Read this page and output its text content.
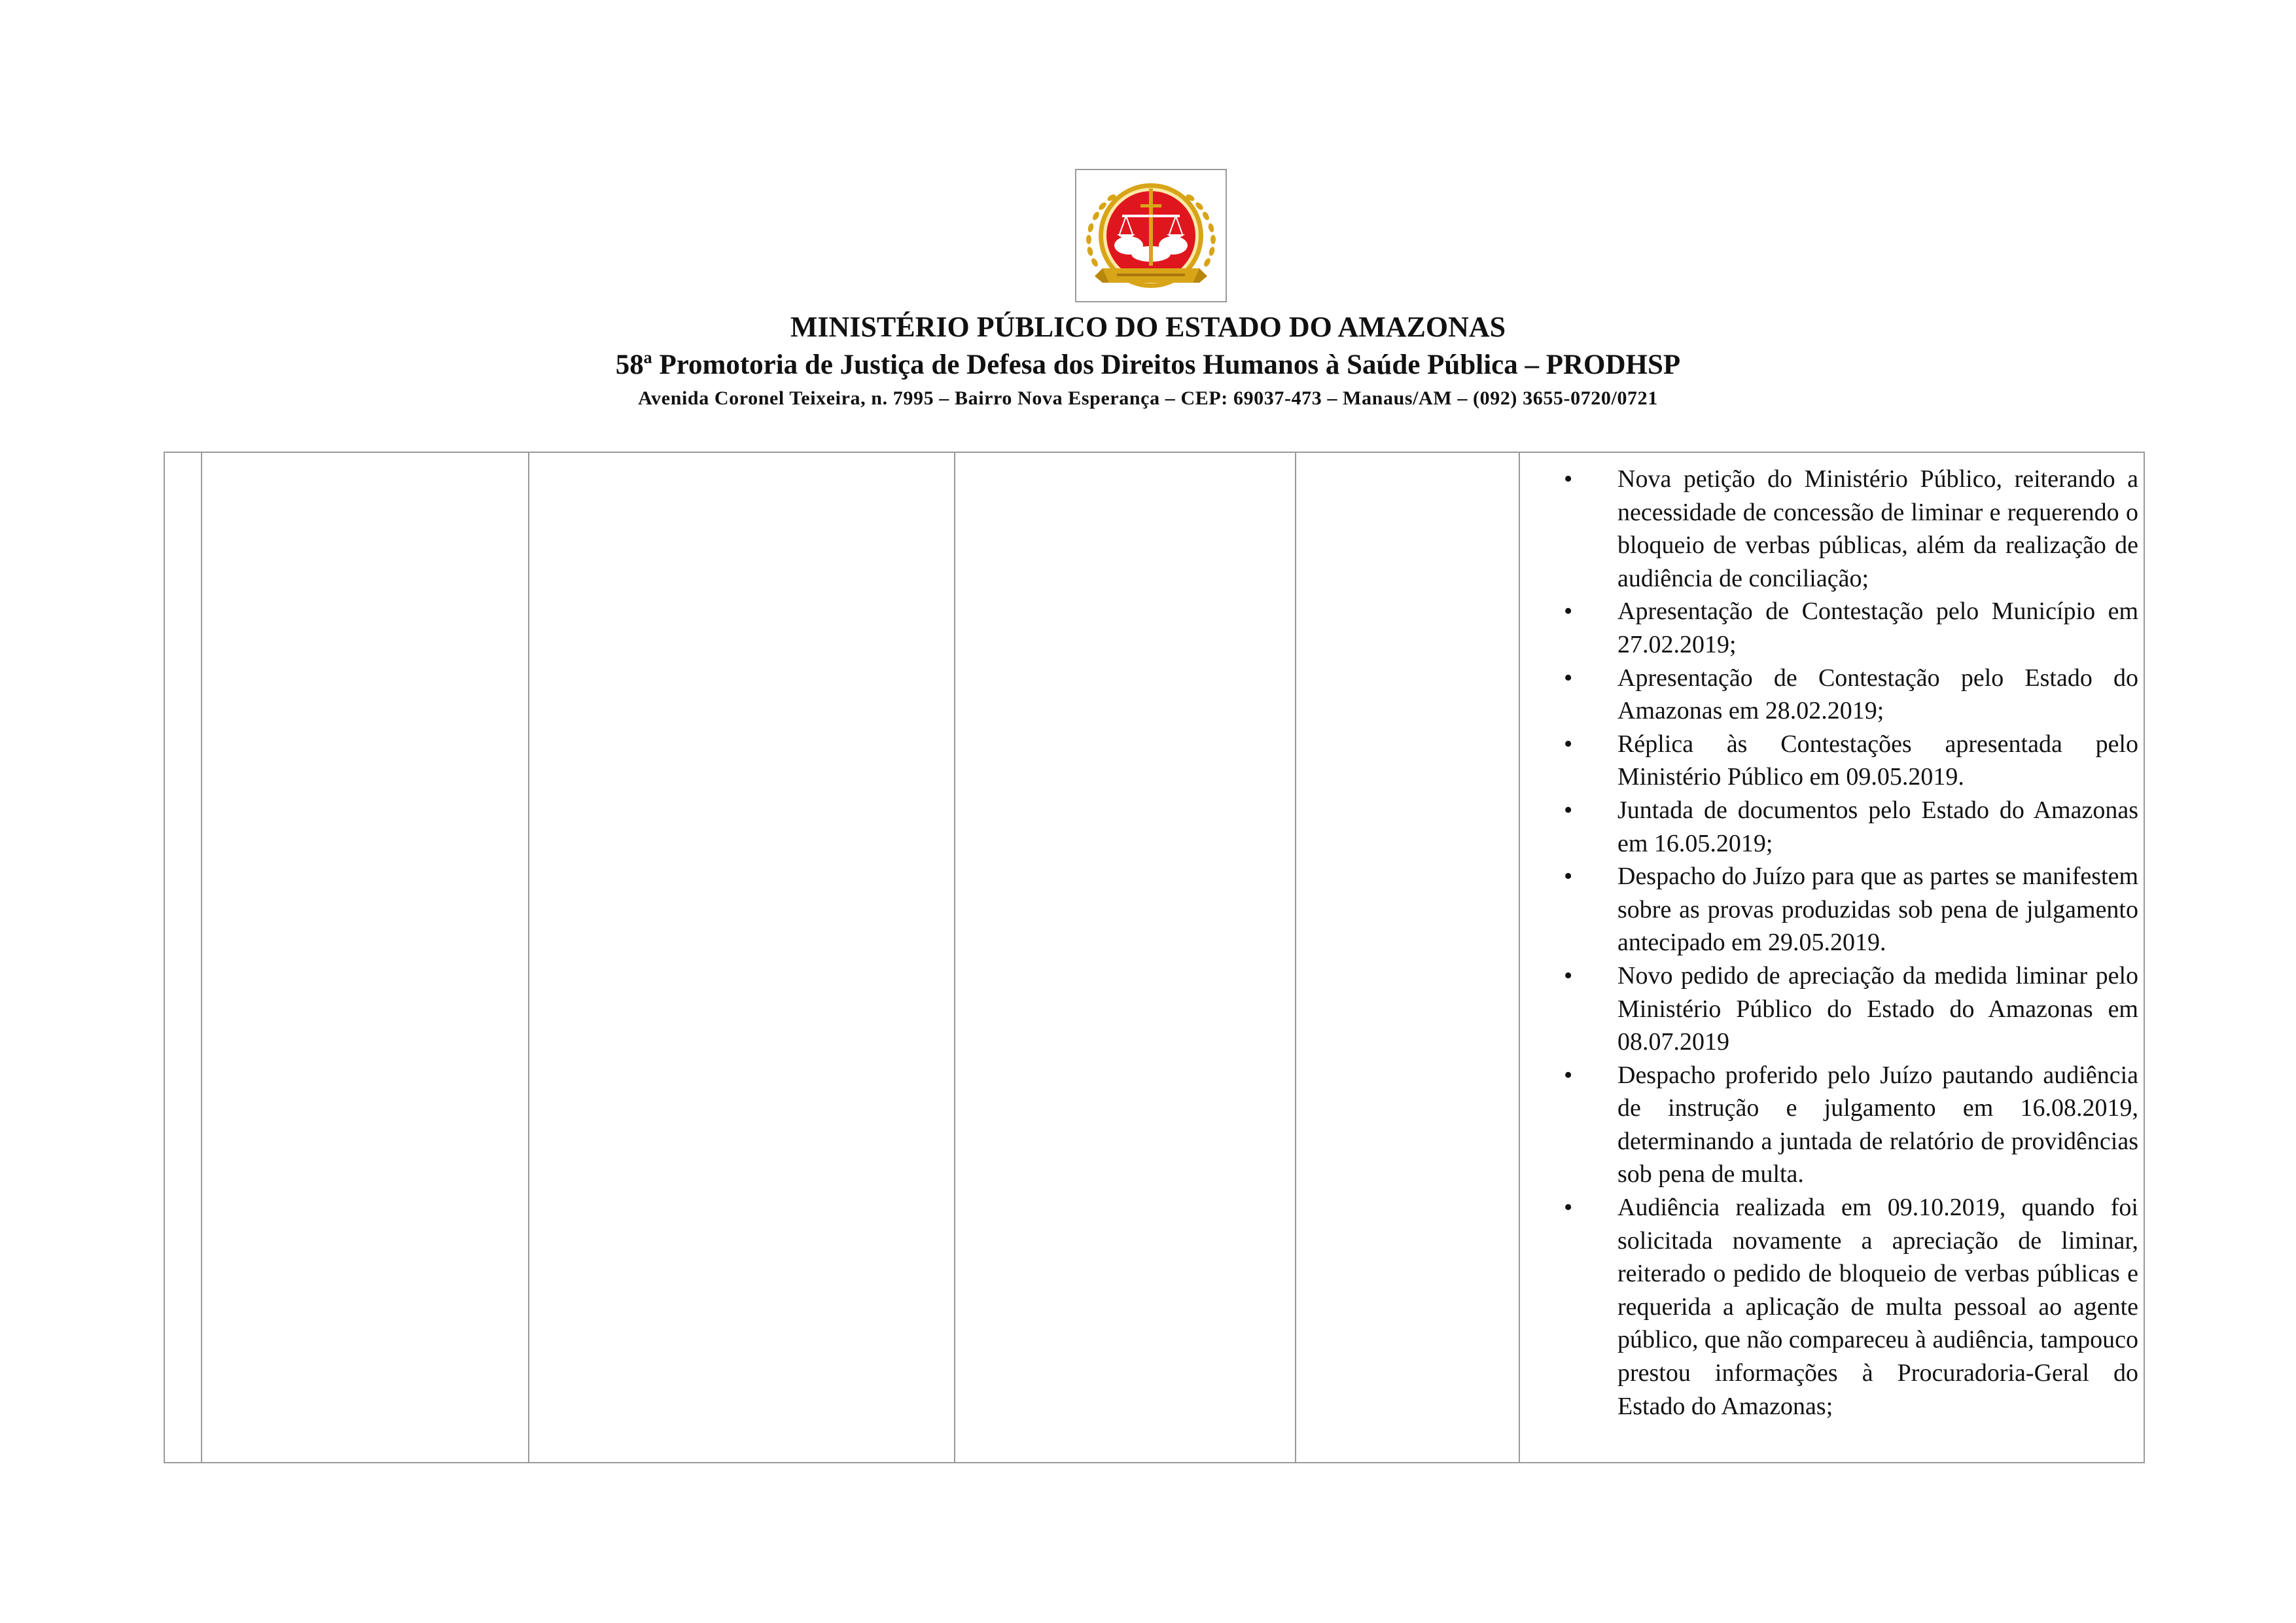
MINISTÉRIO PÚBLICO DO ESTADO DO AMAZONAS
58ª Promotoria de Justiça de Defesa dos Direitos Humanos à Saúde Pública – PRODHSP
Avenida Coronel Teixeira, n. 7995 – Bairro Nova Esperança – CEP: 69037-473 – Manaus/AM – (092) 3655-0720/0721
•	Nova petição do Ministério Público, reiterando a necessidade de concessão de liminar e requerendo o bloqueio de verbas públicas, além da realização de audiência de conciliação;
•	Apresentação de Contestação pelo Município em 27.02.2019;
•	Apresentação de Contestação pelo Estado do Amazonas em 28.02.2019;
•	Réplica às Contestações apresentada pelo Ministério Público em 09.05.2019.
•	Juntada de documentos pelo Estado do Amazonas em 16.05.2019;
•	Despacho do Juízo para que as partes se manifestem sobre as provas produzidas sob pena de julgamento antecipado em 29.05.2019.
•	Novo pedido de apreciação da medida liminar pelo Ministério Público do Estado do Amazonas em 08.07.2019
•	Despacho proferido pelo Juízo pautando audiência de instrução e julgamento em 16.08.2019, determinando a juntada de relatório de providências sob pena de multa.
•	Audiência realizada em 09.10.2019, quando foi solicitada novamente a apreciação de liminar, reiterado o pedido de bloqueio de verbas públicas e requerida a aplicação de multa pessoal ao agente público, que não compareceu à audiência, tampouco prestou informações à Procuradoria-Geral do Estado do Amazonas;
